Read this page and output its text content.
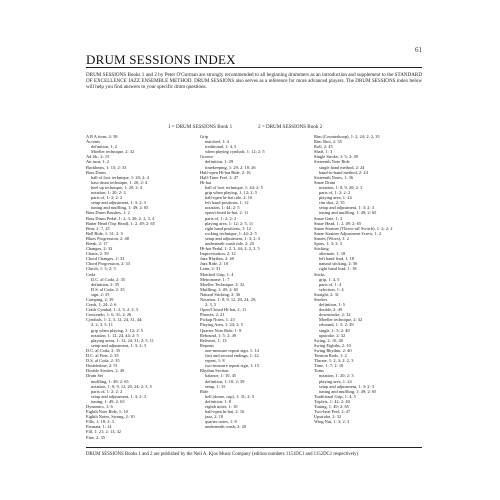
61
DRUM SESSIONS INDEX

DRUM SESSIONS Books 1 and 2 by Peter O'Gorman are strongly recommended to all beginning drummers as an introduction and supplement to the STANDARD OF EXCELLENCE JAZZ ENSEMBLE METHOD. DRUM SESSIONS also serves as a reference for more advanced players. The DRUM SESSIONS index below will help you find answers to your specific drum questions.

1 = DRUM SESSIONS Book 1	2 = DRUM SESSIONS Book 2
A B A form, 2: 58
Accents
definition, 1: 2
Moeller technique, 2: 32
Ad lib., 2: 15
Air turn, 1: 2
Backbeats, 1: 15; 2: 33
Bass Drum
ball of foot technique, 1: 20; 2: 4
bass drum technique, 1: 20; 2: 4
heel up technique, 1: 20; 2: 4
notation, 1: 20; 2: 3
parts of, 1: 2; 2: 2
setup and adjustment, 1: 3; 2: 3
tuning and muffling, 1: 49; 2: 65
Bass Drum Brushes, 1: 2
Bass Drum Pedal, 1: 2, 3, 20; 2: 2, 3, 4
Batter Head (Top Head), 1: 2, 49; 2: 65
Bear, 2: 7, 25
Bell Ride, 1: 31; 2: 5
Blues Progression, 2: 48
Break, 2: 17
Changes, 2: 33
Charts, 2: 59
Chord Changes, 2: 33
Chord Progression, 2: 33
Clutch, 1: 3; 2: 3
Coda
D.C. al Coda, 2: 35
definition, 2: 35
D.S. al Coda, 2: 35
sign, 2: 35
Comping, 2: 39
Crash, 1: 24; 2: 6
Crash Cymbal, 1: 2, 3; 2: 2, 3
Crescendo, 1: 6, 31; 2: 26
Cymbals, 1: 2, 3, 12, 24, 31, 44;
2: 2, 3, 5, 11
grip when playing, 1: 12; 2: 5
notation, 1: 12, 24, 44; 2: 5
playing areas, 1: 12, 24, 31; 2: 5, 11
setup and adjustment, 1: 3; 2: 3
D.C. al Coda, 2: 35
D.C. al Fine, 2: 35
D.S. al Coda, 2: 35
Doubletime, 2: 51
Double Strokes, 2: 49
Drum Set
muffling, 1: 49; 2: 65
notation, 1: 8, 9, 12, 20, 24; 2: 3, 5
parts of, 1: 2; 2: 2
setup and adjustment, 1: 3; 2: 3
tuning, 1: 49; 2: 65
Dynamics, 1: 6
Eighth Note Ride, 1: 10
Eighth Notes, Swung, 2: 10
Fills, 1: 18; 2: 3
Fermata, 1: 14
Fill, 1: 21; 2: 13, 32
Fine, 2: 35
Grip
matched, 1: 4
traditional, 1: 4, 5
when playing cymbals, 1: 12; 2: 5
Groove
definition, 1: 29
timekeeping, 1: 29; 2: 10, 26
Half-open Hi-hat Ride, 2: 16
Half-Time Feel, 2: 47
Hi-hat
ball of foot technique, 1: 44; 2: 5
grip when playing, 1: 12; 2: 5
half-open hi-hat ride, 2: 16
left hand positions, 1: 12
notation, 1: 44; 2: 5
open/closed hi-hat, 2: 11
parts of, 1: 2; 2: 2
playing area, 1: 12; 2: 5, 11
right hand positions, 1: 12
rocking technique, 1: 44; 2: 5
setup and adjustment, 1: 3; 2: 3
underneath crash ride, 2: 20
Hi-hat Pedal, 1: 2, 3, 44; 2: 2, 3, 5
Improvisation, 2: 12
Jazz Rhythm, 2: 40
Jazz Ride, 2: 10
Latin, 2: 31
Matched Grip, 1: 4
Metronome, 1: 7
Moeller Technique, 2: 32
Muffling, 1: 49; 2: 65
Natural Sticking, 2: 36
Notation, 1: 8, 9, 12, 20, 24, 29;
2: 3, 5
Open/Closed Hi-hat, 2: 11
Phrases, 2: 21
Pickup Notes, 1: 23
Playing Area, 1: 24; 2: 5
Quarter Note Ride, 1: 8
Rebound, 1: 5; 2: 49
Releases, 1: 13
Repeats
one-measure repeat sign, 1: 14
first and second endings, 1: 22
repeat, 1: 8
two-measure repeat sign, 1: 15
Rhythm Section
balance, 1: 10, 45
definition, 1: 10; 2: 39
setup, 1: 15
Ride
bell (dome, cup), 1: 31; 2: 5
definition, 1: 8
eighth notes, 1: 10
half-open hi-hat, 2: 16
jazz, 2: 10
quarter notes, 1: 8
underneath crash, 2: 20
Rim (Counterhoop), 1: 2, 24; 2: 2, 35
Rim Shot, 2: 35
Roll, 2: 45
Shaft, 1: 3
Single Stroke, 1: 5; 2: 49
Sixteenth Note Ride
single hand method, 2: 24
hand-to-hand method, 2: 24
Sixteenth Notes, 1: 36
Snare Drum
notation, 1: 8, 9, 20; 2: 3
parts of, 1: 2; 2: 2
playing area, 1: 24
rim shot, 2: 35
setup and adjustment, 1: 3; 2: 3
tuning and muffling, 1: 49; 2: 65
Snare Gate, 1: 2
Snare Head, 1: 2, 49; 2: 65
Snare Strainer (Throw-off Switch), 1: 2; 2: 2
Snare Strainer Adjustment Screw, 1: 2
Snares (Wires), 1: 2
Spurs, 1: 3; 2: 3
Sticking
alternate, 1: 18
left hand lead, 1: 18
natural sticking, 2: 36
right hand lead, 1: 18
Sticks
grip, 1: 4, 5
parts of, 1: 4
selection, 1: 4
Straight, 2: 31
Strokes
definition, 1: 5
double, 2: 49
downstroke, 2: 32
Moeller technique, 2: 32
rebound, 1: 5; 2: 49
single, 1: 5; 2: 49
upstroke, 2: 32
Swing, 2: 10, 40
Swing Eighths, 2: 10
Swing Rhythm, 2: 40
Tension Rods, 1: 2
Throne, 1: 2, 3; 2: 2, 3
Time, 1: 7; 2: 10
Toms
notation, 1: 20; 2: 3
playing area, 1: 24
setup and adjustment, 1: 3; 2: 3
tuning and muffling, 1: 49; 2: 65
Traditional Grip, 1: 4, 5
Triplets, 1: 42; 2: 40
Tuning, 1: 49; 2: 65
Two-beat Feel, 2: 47
Upstroke, 2: 32
Wing Nut, 1: 3; 2: 3

DRUM SESSIONS Books 1 and 2 are published by the Neil A. Kjos Music Company (edition numbers 1151DC1 and 1152DC1 respectively).
